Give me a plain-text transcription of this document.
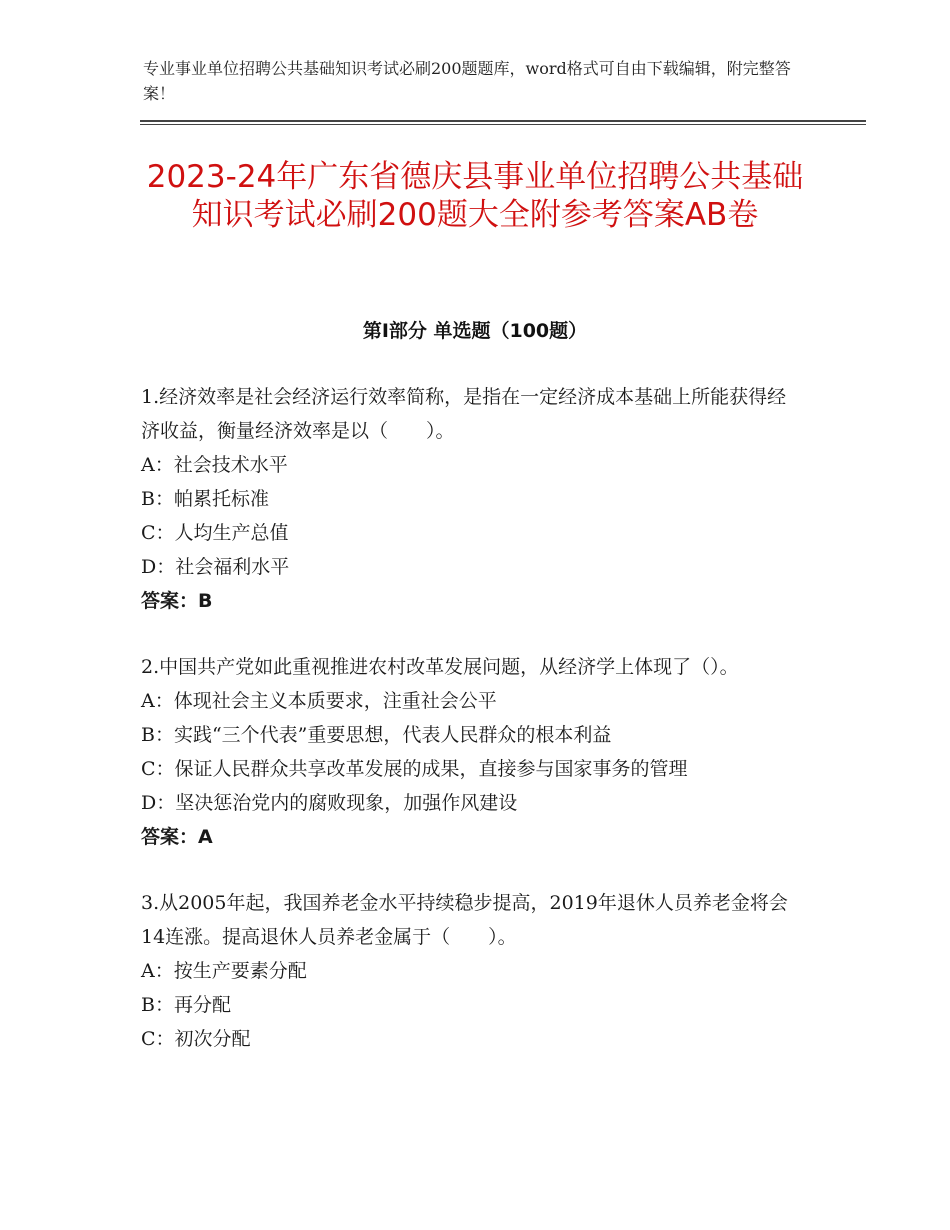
专业事业单位招聘公共基础知识考试必刷200题题库，word格式可自由下载编辑，附完整答案！
2023-24年广东省德庆县事业单位招聘公共基础知识考试必刷200题大全附参考答案AB卷
第I部分 单选题（100题）

1.经济效率是社会经济运行效率简称，是指在一定经济成本基础上所能获得经济收益，衡量经济效率是以（　　）。

A：社会技术水平

B：帕累托标准

C：人均生产总值

D：社会福利水平

答案：B

2.中国共产党如此重视推进农村改革发展问题，从经济学上体现了（）。

A：体现社会主义本质要求，注重社会公平

B：实践“三个代表”重要思想，代表人民群众的根本利益

C：保证人民群众共享改革发展的成果，直接参与国家事务的管理

D：坚决惩治党内的腐败现象，加强作风建设

答案：A

3.从2005年起，我国养老金水平持续稳步提高，2019年退休人员养老金将会14连涨。提高退休人员养老金属于（　　）。

A：按生产要素分配

B：再分配

C：初次分配
